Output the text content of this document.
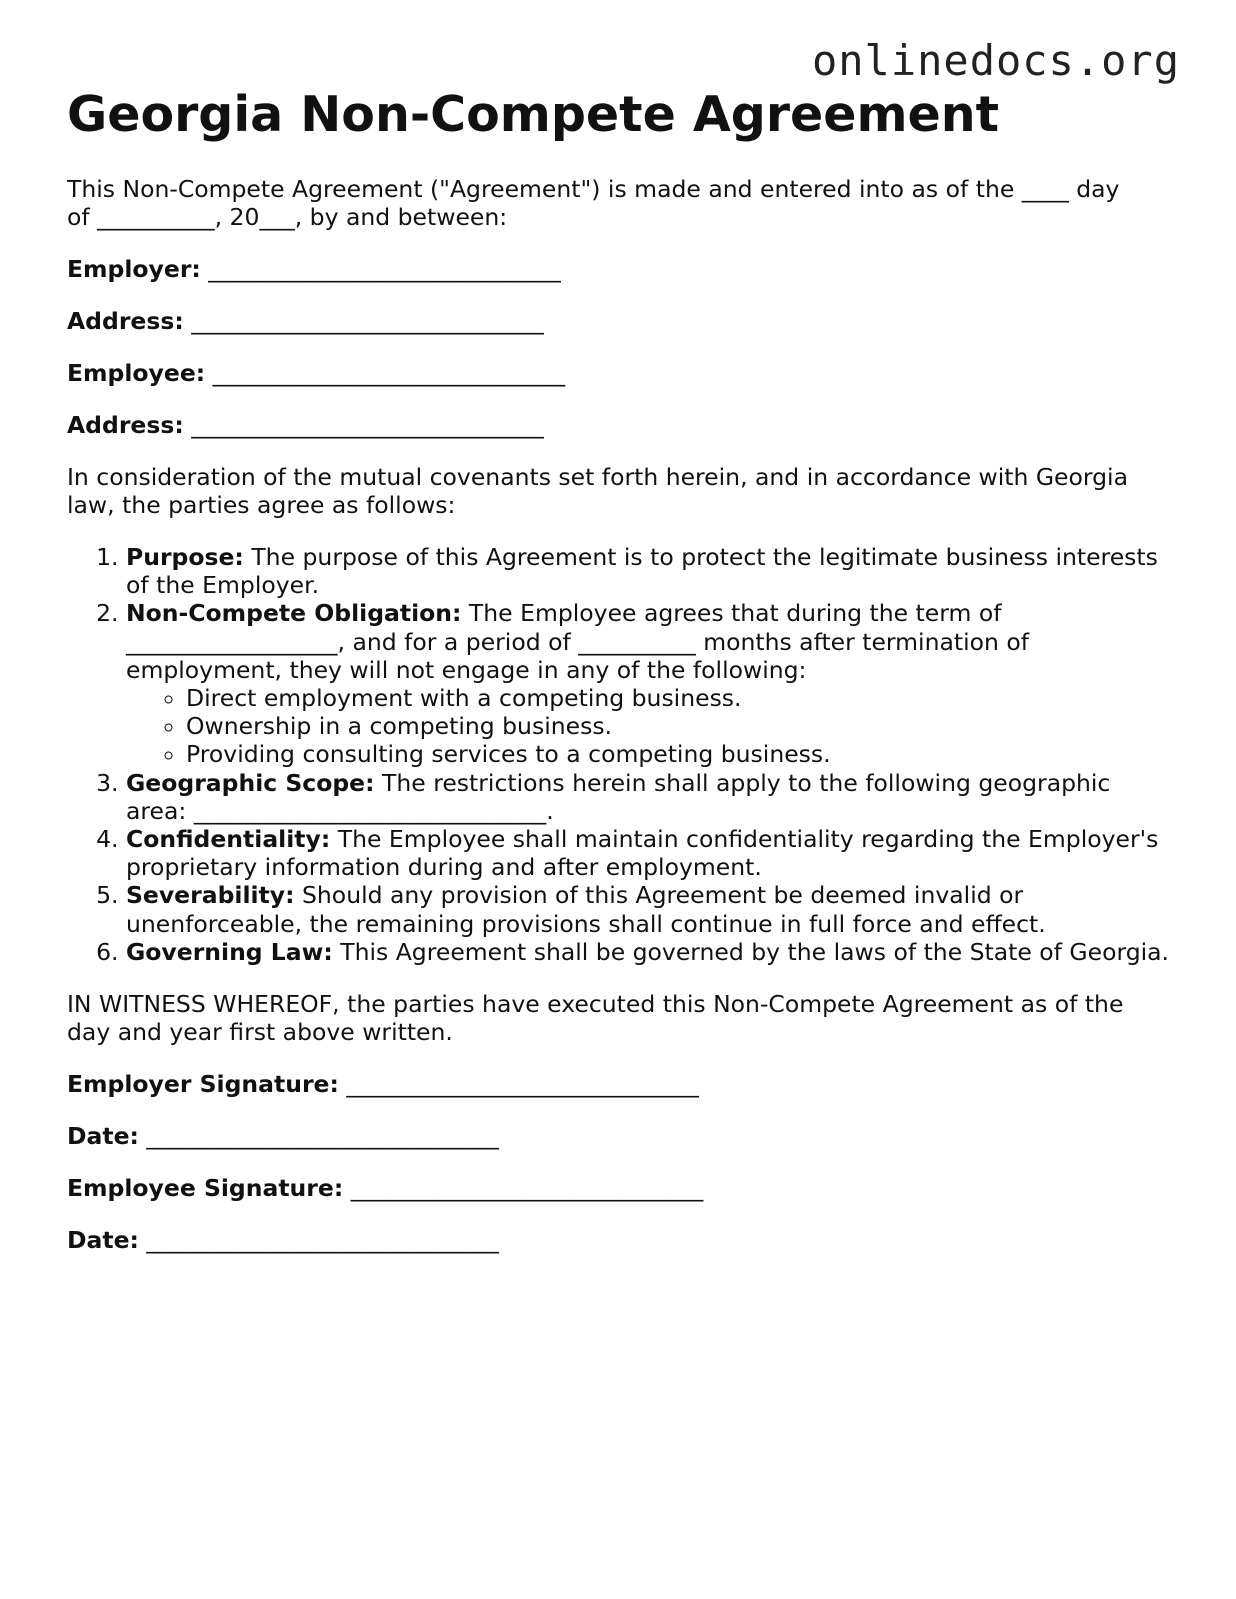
onlinedocs.org
Georgia Non-Compete Agreement

This Non-Compete Agreement ("Agreement") is made and entered into as of the ____ day
of __________, 20___, by and between:

Employer: ______________________________

Address: ______________________________

Employee: ______________________________

Address: ______________________________

In consideration of the mutual covenants set forth herein, and in accordance with Georgia
law, the parties agree as follows:

1. Purpose: The purpose of this Agreement is to protect the legitimate business interests of the Employer.
2. Non-Compete Obligation: The Employee agrees that during the term of
__________________, and for a period of __________ months after termination of
employment, they will not engage in any of the following:
◦ Direct employment with a competing business.
◦ Ownership in a competing business.
◦ Providing consulting services to a competing business.
3. Geographic Scope: The restrictions herein shall apply to the following geographic
area: ______________________________.
4. Confidentiality: The Employee shall maintain confidentiality regarding the Employer's proprietary information during and after employment.
5. Severability: Should any provision of this Agreement be deemed invalid or unenforceable, the remaining provisions shall continue in full force and effect.
6. Governing Law: This Agreement shall be governed by the laws of the State of Georgia.

IN WITNESS WHEREOF, the parties have executed this Non-Compete Agreement as of the
day and year first above written.

Employer Signature: ______________________________

Date: ______________________________

Employee Signature: ______________________________

Date: ______________________________
